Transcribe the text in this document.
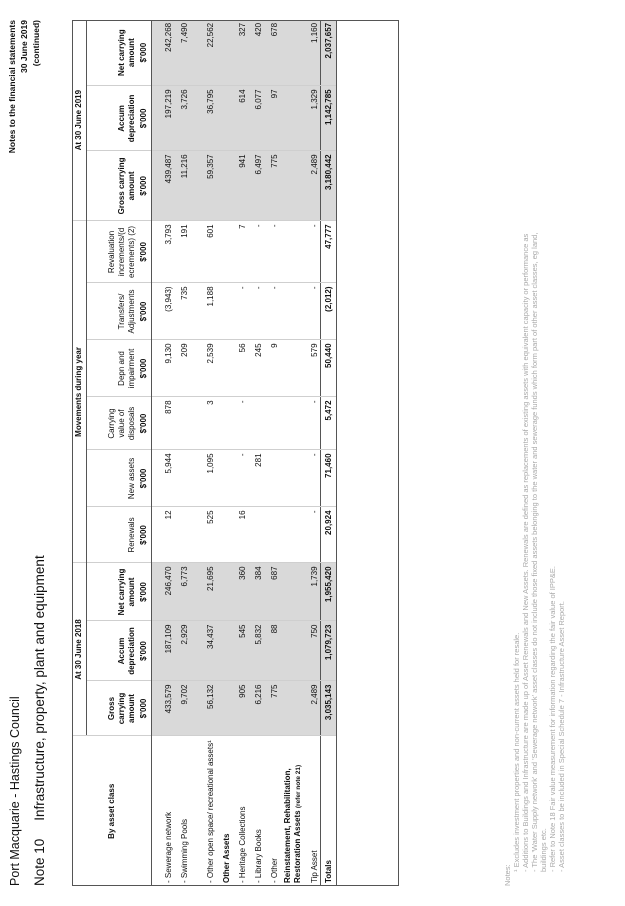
Port Macquarie - Hastings Council Note 10Infrastructure, property, plant and equipment
Notes to the financial statements 30 June 2019 (continued)
By asset class	At 30 June 2018			Movements during year						At 30 June 2019		
	Gross carrying amount	Accum depreciation	Net carrying amount	Renewals	New assets	Carrying value of disposals	Depn and impairment	Transfers/ Adjustments	Revaluation increments/(d ecrements) (2)	Gross carrying amount	Accum depreciation	Net carrying amount
	$'000	$'000	$'000	$'000	$'000	$'000	$'000	$'000	$'000	$'000	$'000	$'000
- Sewerage network	433,579	187,109	246,470	12	5,944	878	9,130	(3,943)	3,793	439,487	197,219	242,268
- Swimming Pools	9,702	2,929	6,773				209	735	191	11,216	3,726	7,490
- Other open space/ recreational assets¹	56,132	34,437	21,695	525	1,095	3	2,539	1,188	601	59,357	36,795	22,562
Other Assets												
- Heritage Collections	905	545	360	16	-	-	56	-	7	941	614	327
- Library Books	6,216	5,832	384		281		245	-	-	6,497	6,077	420
- Other	775	88	687				9	-	-	775	97	678
Reinstatement, Rehabilitation, Restoration Assets (refer note 21)												
Tip Asset	2,489	750	1,739	-	-	-	579	-	-	2,489	1,329	1,160
Totals	3,035,143	1,079,723	1,955,420	20,924	71,460	5,472	50,440	(2,012)	47,777	3,180,442	1,142,785	2,037,657
Notes:
¹ Excludes investment properties and non-current assets held for resale. - Additions to Buildings and Infrastructure are made up of Asset Renewals and New Assets. Renewals are defined as replacements of existing assets with equivalent capacity or performance as - The 'Water Supply network' and 'Sewerage network' asset classes do not include those fixed assets belonging to the water and sewerage funds which form part of other asset classes, eg land, buildings etc. - Refer to Note 18 Fair value measurement for information regarding the fair value of IPP&E. - Asset classes to be included in Special Schedule 7 - Infrastructure Asset Report.
